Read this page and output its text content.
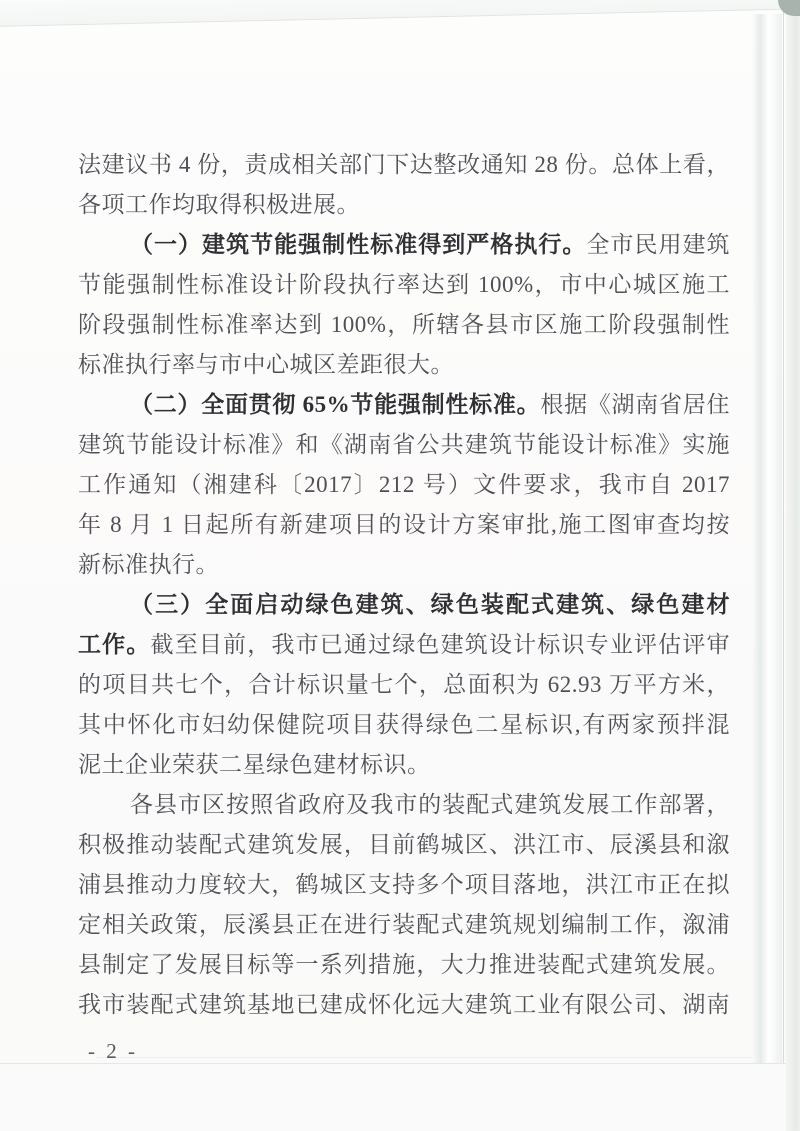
法建议书 4 份，责成相关部门下达整改通知 28 份。总体上看，
各项工作均取得积极进展。
（一）建筑节能强制性标准得到严格执行。全市民用建筑
节能强制性标准设计阶段执行率达到 100%，市中心城区施工
阶段强制性标准率达到 100%，所辖各县市区施工阶段强制性
标准执行率与市中心城区差距很大。
（二）全面贯彻 65%节能强制性标准。根据《湖南省居住
建筑节能设计标准》和《湖南省公共建筑节能设计标准》实施
工作通知（湘建科〔2017〕212 号）文件要求，我市自 2017
年 8 月 1 日起所有新建项目的设计方案审批,施工图审查均按
新标准执行。
（三）全面启动绿色建筑、绿色装配式建筑、绿色建材
工作。截至目前，我市已通过绿色建筑设计标识专业评估评审
的项目共七个，合计标识量七个，总面积为 62.93 万平方米，
其中怀化市妇幼保健院项目获得绿色二星标识,有两家预拌混
泥土企业荣获二星绿色建材标识。
各县市区按照省政府及我市的装配式建筑发展工作部署，
积极推动装配式建筑发展，目前鹤城区、洪江市、辰溪县和溆
浦县推动力度较大，鹤城区支持多个项目落地，洪江市正在拟
定相关政策，辰溪县正在进行装配式建筑规划编制工作，溆浦
县制定了发展目标等一系列措施，大力推进装配式建筑发展。
我市装配式建筑基地已建成怀化远大建筑工业有限公司、湖南
- 2 -
